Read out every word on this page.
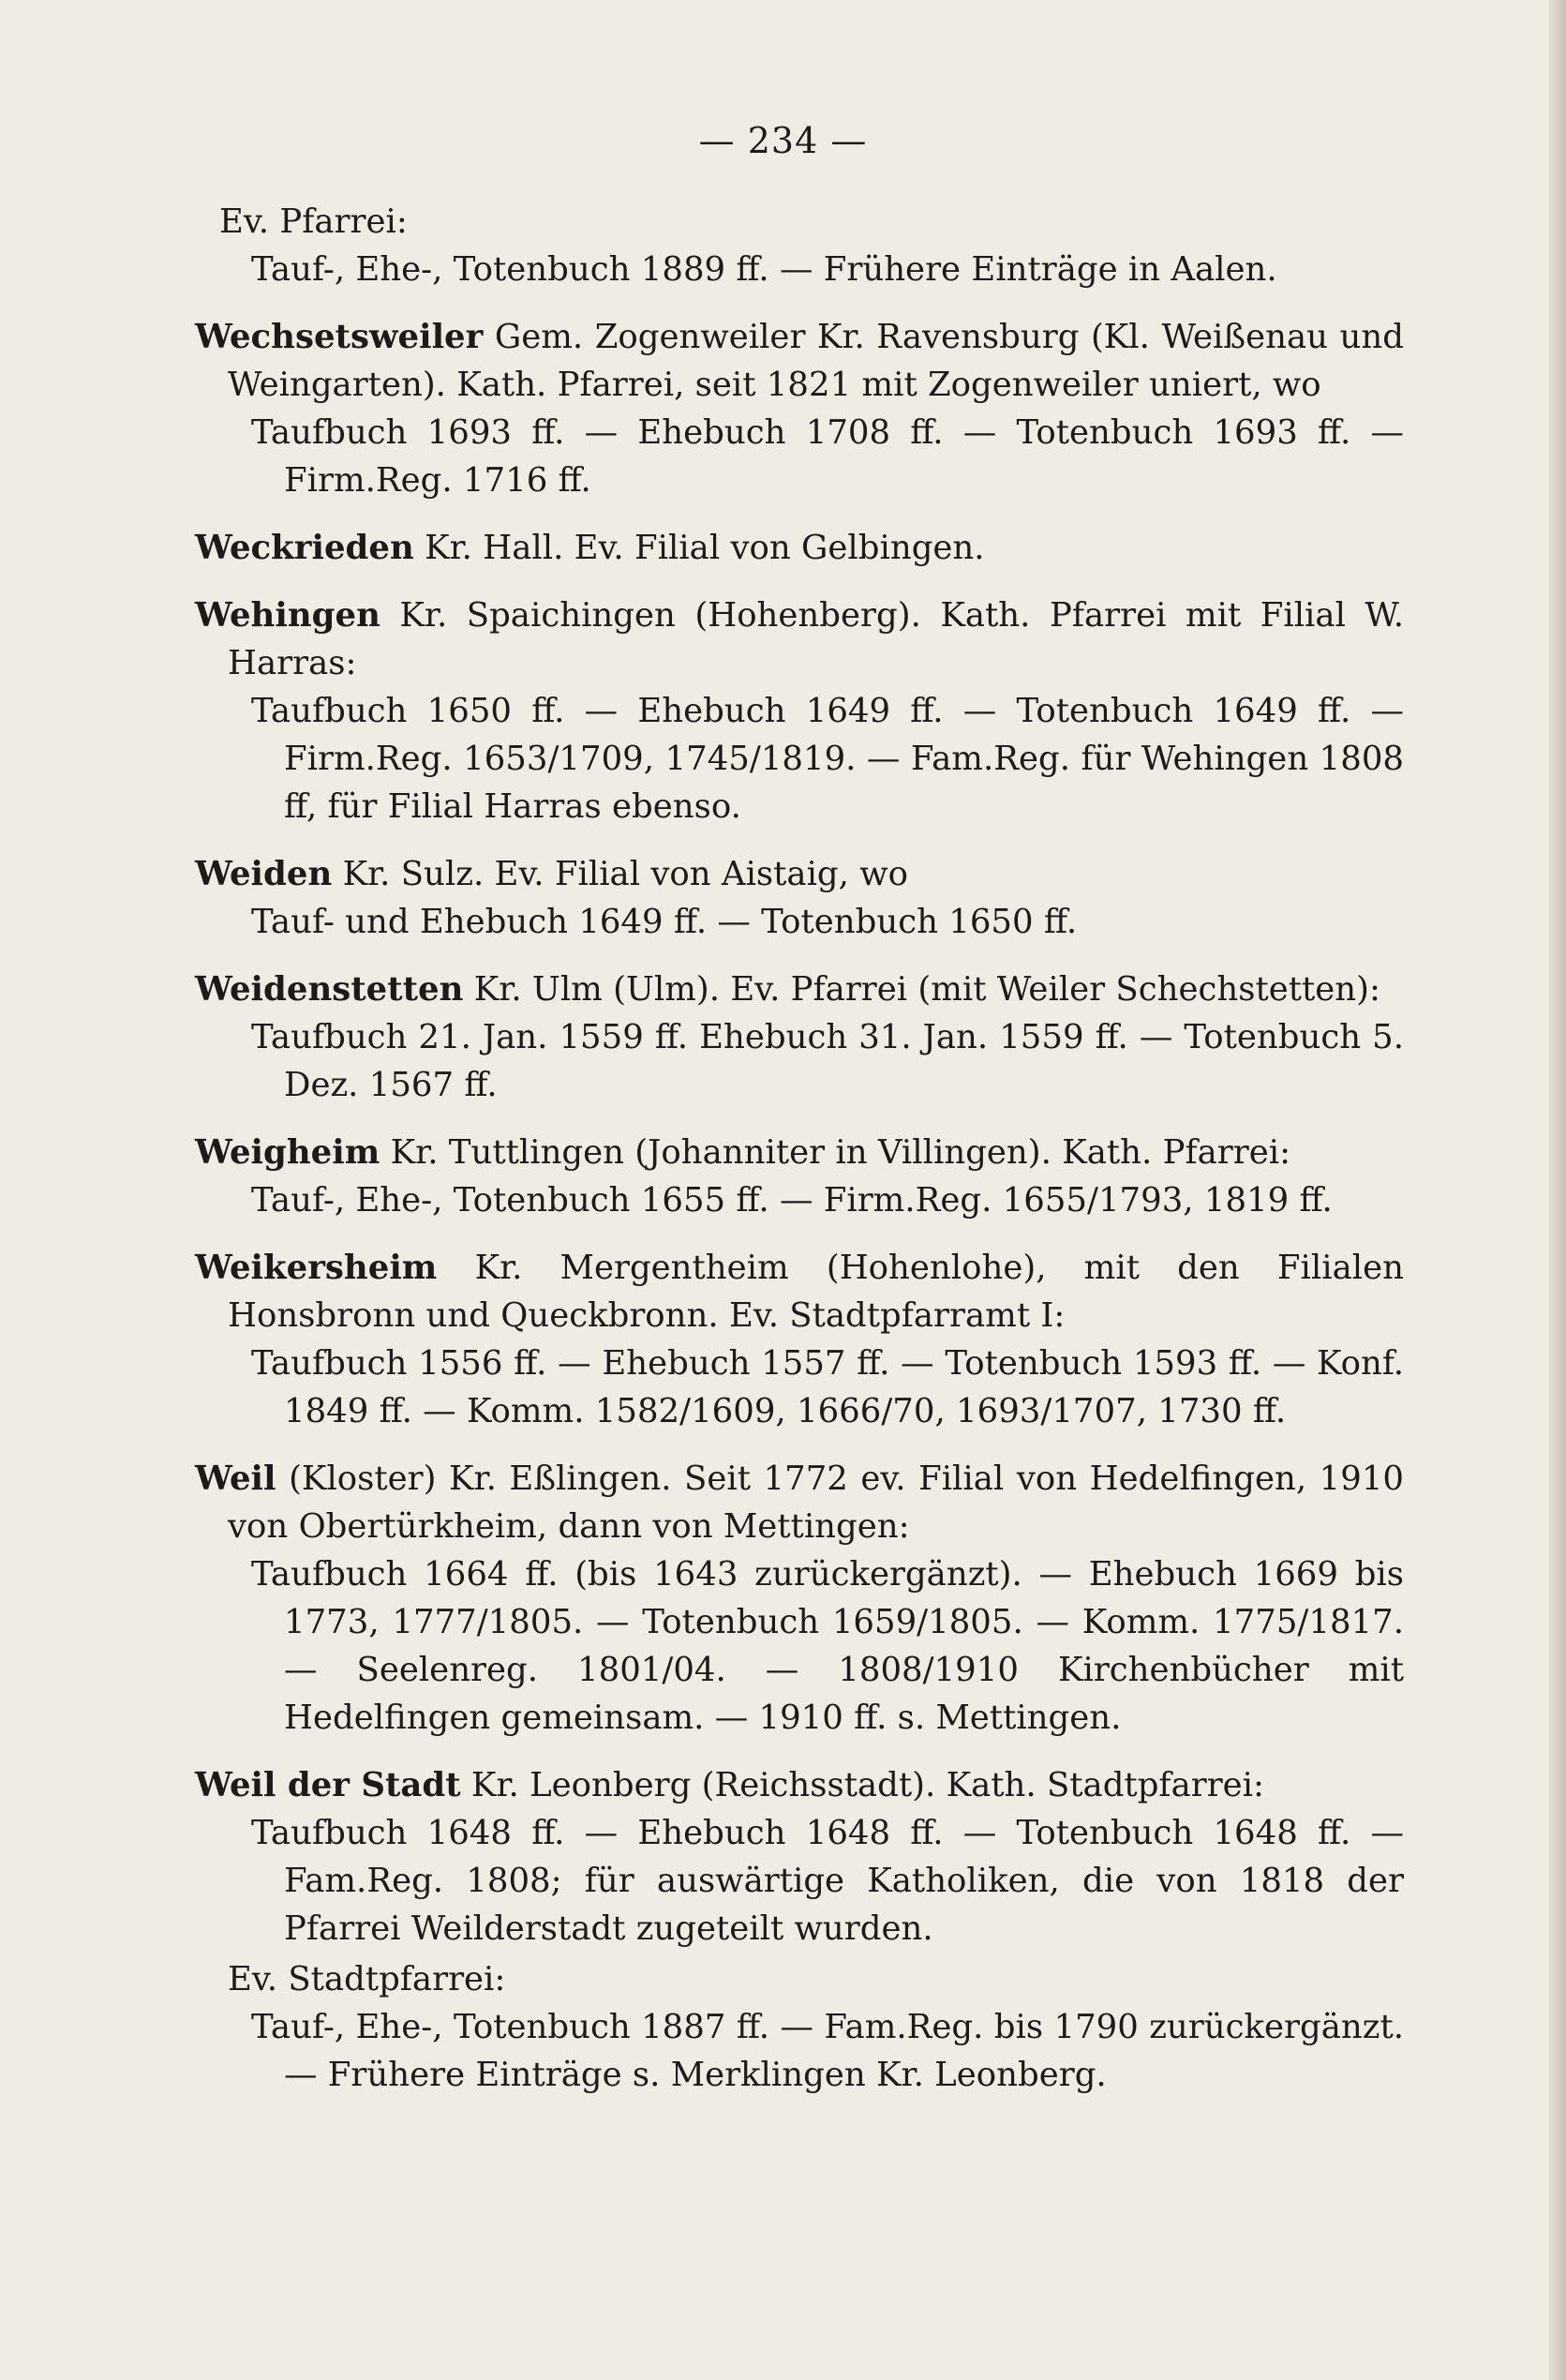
— 234 —
Ev. Pfarrei:
Tauf-, Ehe-, Totenbuch 1889 ff. — Frühere Einträge in Aalen.
Wechsetsweiler Gem. Zogenweiler Kr. Ravensburg (Kl. Weißenau und Weingarten). Kath. Pfarrei, seit 1821 mit Zogenweiler uniert, wo
Taufbuch 1693 ff. — Ehebuch 1708 ff. — Totenbuch 1693 ff. — Firm.Reg. 1716 ff.
Weckrieden Kr. Hall. Ev. Filial von Gelbingen.
Wehingen Kr. Spaichingen (Hohenberg). Kath. Pfarrei mit Filial W. Harras:
Taufbuch 1650 ff. — Ehebuch 1649 ff. — Totenbuch 1649 ff. — Firm.Reg. 1653/1709, 1745/1819. — Fam.Reg. für Wehingen 1808 ff, für Filial Harras ebenso.
Weiden Kr. Sulz. Ev. Filial von Aistaig, wo
Tauf- und Ehebuch 1649 ff. — Totenbuch 1650 ff.
Weidenstetten Kr. Ulm (Ulm). Ev. Pfarrei (mit Weiler Schechstetten):
Taufbuch 21. Jan. 1559 ff. Ehebuch 31. Jan. 1559 ff. — Totenbuch 5. Dez. 1567 ff.
Weigheim Kr. Tuttlingen (Johanniter in Villingen). Kath. Pfarrei:
Tauf-, Ehe-, Totenbuch 1655 ff. — Firm.Reg. 1655/1793, 1819 ff.
Weikersheim Kr. Mergentheim (Hohenlohe), mit den Filialen Honsbronn und Queckbronn. Ev. Stadtpfarramt I:
Taufbuch 1556 ff. — Ehebuch 1557 ff. — Totenbuch 1593 ff. — Konf. 1849 ff. — Komm. 1582/1609, 1666/70, 1693/1707, 1730 ff.
Weil (Kloster) Kr. Eßlingen. Seit 1772 ev. Filial von Hedelfingen, 1910 von Obertürkheim, dann von Mettingen:
Taufbuch 1664 ff. (bis 1643 zurückergänzt). — Ehebuch 1669 bis 1773, 1777/1805. — Totenbuch 1659/1805. — Komm. 1775/1817. — Seelenreg. 1801/04. — 1808/1910 Kirchenbücher mit Hedelfingen gemeinsam. — 1910 ff. s. Mettingen.
Weil der Stadt Kr. Leonberg (Reichsstadt). Kath. Stadtpfarrei:
Taufbuch 1648 ff. — Ehebuch 1648 ff. — Totenbuch 1648 ff. — Fam.Reg. 1808; für auswärtige Katholiken, die von 1818 der Pfarrei Weilderstadt zugeteilt wurden.
Ev. Stadtpfarrei:
Tauf-, Ehe-, Totenbuch 1887 ff. — Fam.Reg. bis 1790 zurückergänzt. — Frühere Einträge s. Merklingen Kr. Leonberg.
